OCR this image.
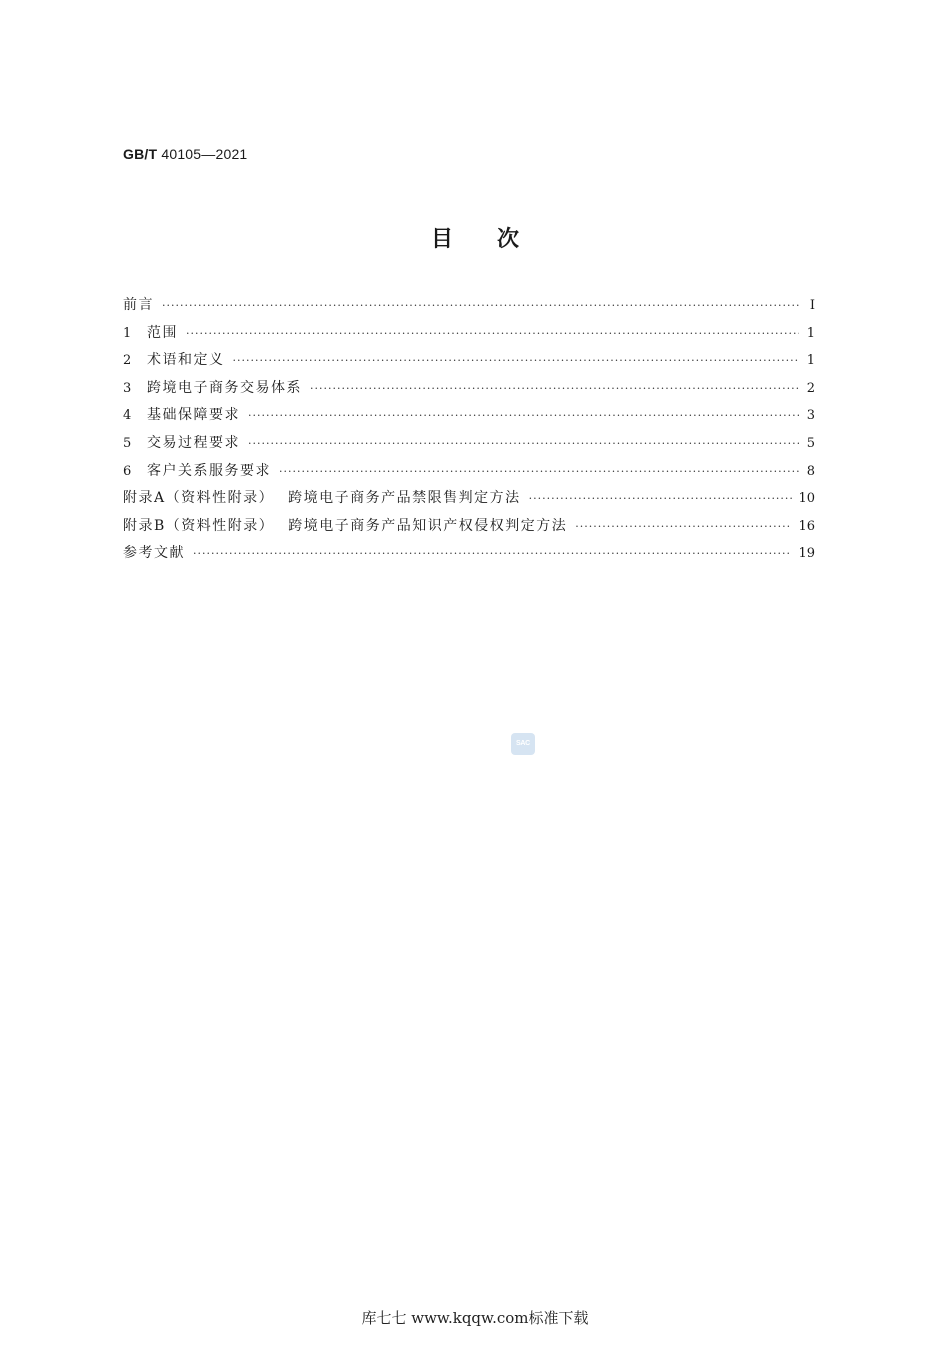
GB/T 40105—2021
目次
前言 ·····	Ⅰ
1	范围 ·····	1
2	术语和定义 ·····	1
3	跨境电子商务交易体系 ·····	2
4	基础保障要求 ·····	3
5	交易过程要求 ·····	5
6	客户关系服务要求 ·····	8
附录A（资料性附录） 跨境电子商务产品禁限售判定方法 ·····	10
附录B（资料性附录） 跨境电子商务产品知识产权侵权判定方法 ·····	16
参考文献 ·····	19
SAC
库七七 www.kqqw.com标准下载
